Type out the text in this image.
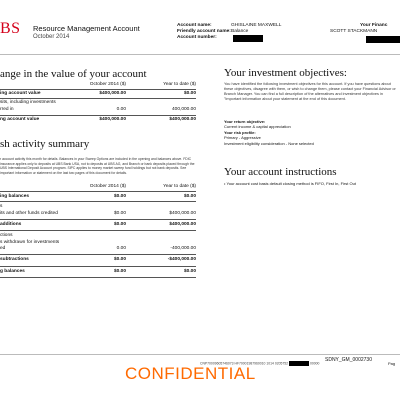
BS Resource Management Account
October 2014
Account name:	GHISLAINE MAXWELL
Friendly account name: Balance
Account number:
Your Financ
SCOTT STACKMANN
ange in the value of your account
October 2014 ($)	Year to date ($)
ing account value	$400,000.00	$0.00
sits, including investments
rred in	0.00	400,000.00
ng account value	$400,000.00	$400,000.00
sh activity summary
r account activity this month for details. Balances in your Sweep Options are included in the opening and balances above. FDIC insurance applies only to deposits at UBS Bank USA, not to deposits at UBS AG, and Branch or bank deposits placed through the UBS International Deposit Account program. SIPC applies to money market sweep fund holdings but not bank deposits. See important information ur statement on the last two pages of this document for details.
October 2014 ($)	Year to date ($)
ing balances	$0.00	$0.00
s
its and other funds credited	$0.00	$400,000.00
additions	$0.00	$400,000.00
ctions
s withdrawn for investments
ed	0.00	-400,000.00
subtractions	$0.00	-$400,000.00
g balances	$0.00	$0.00
Your investment objectives:
You have identified the following investment objectives for this account. If you have questions about these objectives, disagree with them, or wish to change them, please contact your Financial Advisor or Branch Manager. You can find a full description of the alternatives and investment objectives in "Important information about your statement at the end of this document.
Your return objective:
Current income & capital appreciation
Your risk profile:
Primary - Aggressive
Investment eligibility consideration - None selected
Your account instructions
• Your account cost basis default closing method is FIFO, First In, First Out
SDNY_GM_0002730
CNP70009605746073 HF70001987960010 1014 0205752	00000	Pag
CONFIDENTIAL
